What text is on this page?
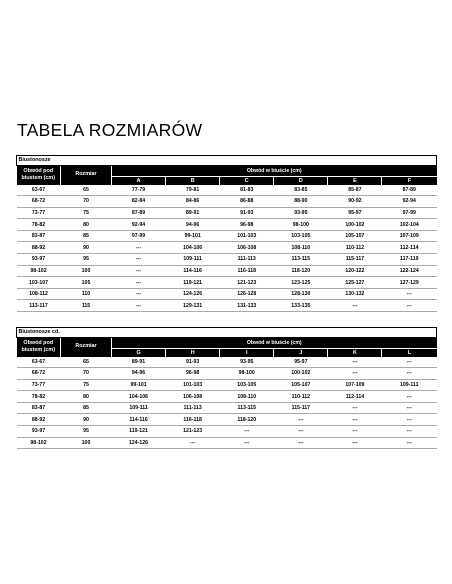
TABELA ROZMIARÓW
Biustonosze							
Obwód pod biustem (cm)	Rozmiar	Obwód w biuście (cm)					
		A	B	C	D	E	F
63-67	65	77-79	79-81	81-83	83-85	85-87	87-89
68-72	70	82-84	84-86	86-88	88-90	90-92	92-94
73-77	75	87-89	89-91	91-93	93-95	95-97	97-99
78-82	80	92-94	94-96	96-98	98-100	100-102	102-104
83-87	85	97-99	99-101	101-103	103-105	105-107	107-109
88-92	90	---	104-106	106-108	108-110	110-112	112-114
93-97	95	---	109-111	111-113	113-115	115-117	117-119
98-102	100	---	114-116	116-118	118-120	120-122	122-124
103-107	105	---	119-121	121-123	123-125	125-127	127-129
108-112	110	---	124-126	126-128	128-130	130-132	---
113-117	115	---	129-131	131-133	133-135	---	---
Biustonosze cd.							
Obwód pod biustem (cm)	Rozmiar	Obwód w biuście (cm)					
		G	H	I	J	K	L
63-67	65	89-91	91-93	93-95	95-97	---	---
68-72	70	94-96	96-98	98-100	100-102	---	---
73-77	75	99-101	101-103	103-105	105-107	107-109	109-111
78-82	80	104-106	106-108	108-110	110-112	112-114	---
83-87	85	109-111	111-113	113-115	115-117	---	---
88-92	90	114-116	116-118	118-120	---	---	---
93-97	95	119-121	121-123	---	---	---	---
98-102	100	124-126	---	---	---	---	---
